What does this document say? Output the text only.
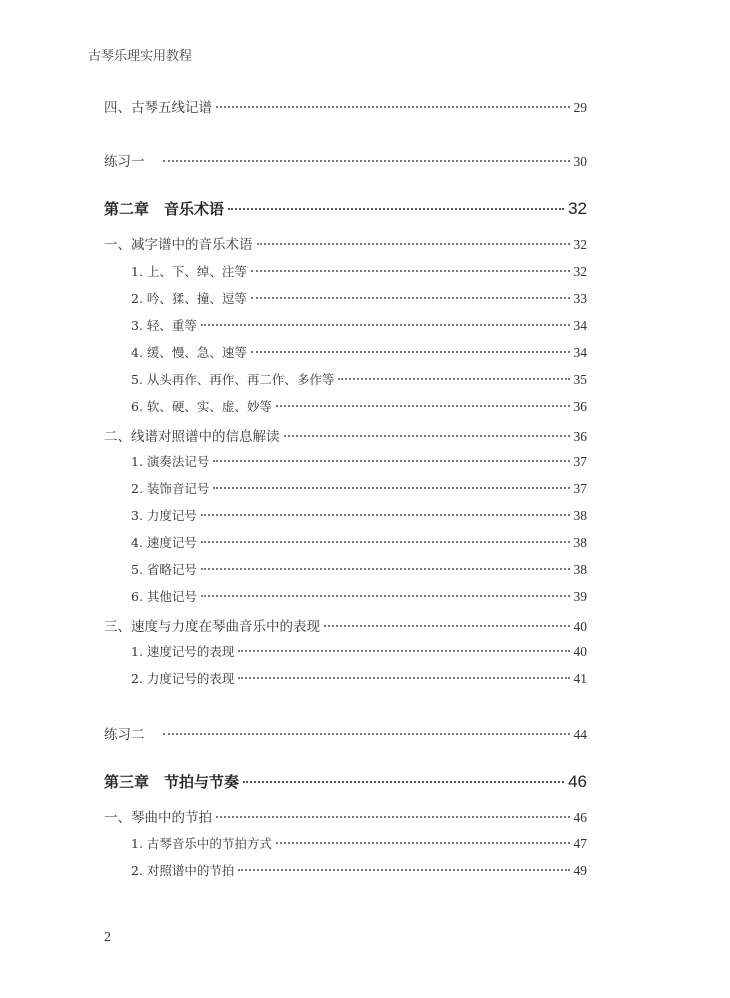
古琴乐理实用教程
四、古琴五线记谱	29
练习一	30
第二章　音乐术语	32
一、减字谱中的音乐术语	32
1. 上、下、绰、注等	32
2. 吟、猱、撞、逗等	33
3. 轻、重等	34
4. 缓、慢、急、速等	34
5. 从头再作、再作、再二作、多作等	35
6. 软、硬、实、虚、妙等	36
二、线谱对照谱中的信息解读	36
1. 演奏法记号	37
2. 装饰音记号	37
3. 力度记号	38
4. 速度记号	38
5. 省略记号	38
6. 其他记号	39
三、速度与力度在琴曲音乐中的表现	40
1. 速度记号的表现	40
2. 力度记号的表现	41
练习二	44
第三章　节拍与节奏	46
一、琴曲中的节拍	46
1. 古琴音乐中的节拍方式	47
2. 对照谱中的节拍	49
2
